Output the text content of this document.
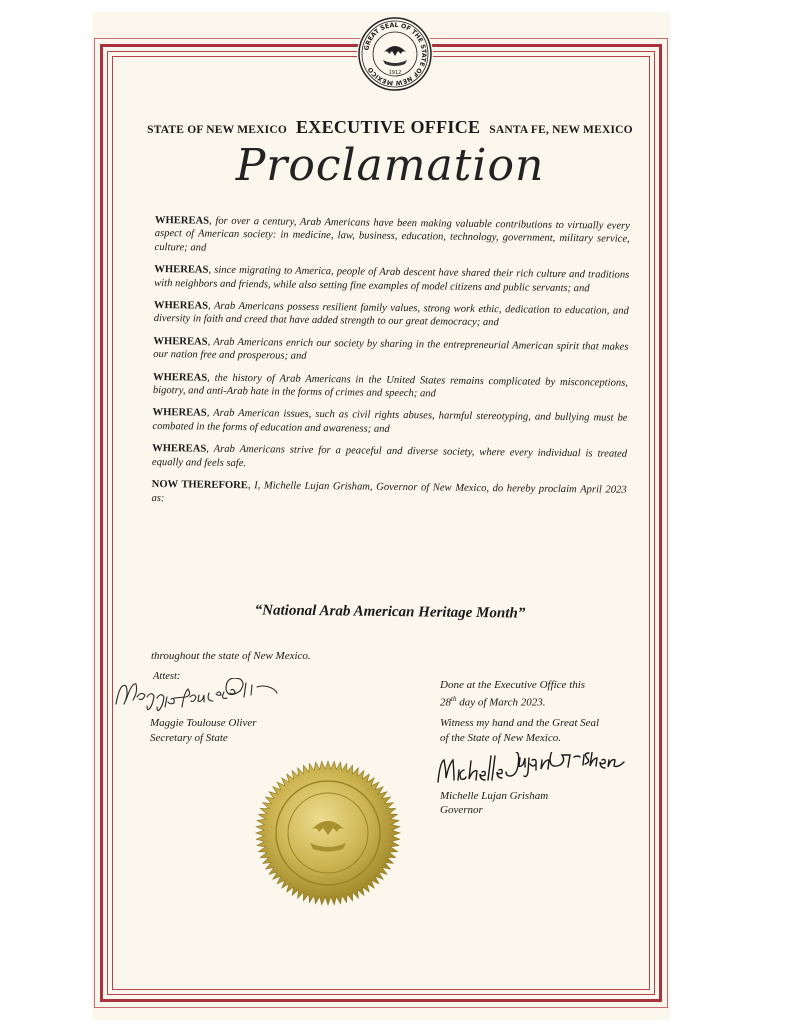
GREAT SEAL OF THE STATE OF NEW MEXICO	1912
STATE OF NEW MEXICO EXECUTIVE OFFICE SANTA FE, NEW MEXICO
Proclamation

WHEREAS, for over a century, Arab Americans have been making valuable contributions to virtually every aspect of American society: in medicine, law, business, education, technology, government, military service, culture; and

WHEREAS, since migrating to America, people of Arab descent have shared their rich culture and traditions with neighbors and friends, while also setting fine examples of model citizens and public servants; and

WHEREAS, Arab Americans possess resilient family values, strong work ethic, dedication to education, and diversity in faith and creed that have added strength to our great democracy; and

WHEREAS, Arab Americans enrich our society by sharing in the entrepreneurial American spirit that makes our nation free and prosperous; and

WHEREAS, the history of Arab Americans in the United States remains complicated by misconceptions, bigotry, and anti-Arab hate in the forms of crimes and speech; and

WHEREAS, Arab American issues, such as civil rights abuses, harmful stereotyping, and bullying must be combated in the forms of education and awareness; and

WHEREAS, Arab Americans strive for a peaceful and diverse society, where every individual is treated equally and feels safe.

NOW THEREFORE, I, Michelle Lujan Grisham, Governor of New Mexico, do hereby proclaim April 2023 as:

“National Arab American Heritage Month”
throughout the state of New Mexico.
Attest:
Maggie Toulouse Oliver
Secretary of State
Done at the Executive Office this
28th day of March 2023.
Witness my hand and the Great Seal
of the State of New Mexico.
Michelle Lujan Grisham
Governor
